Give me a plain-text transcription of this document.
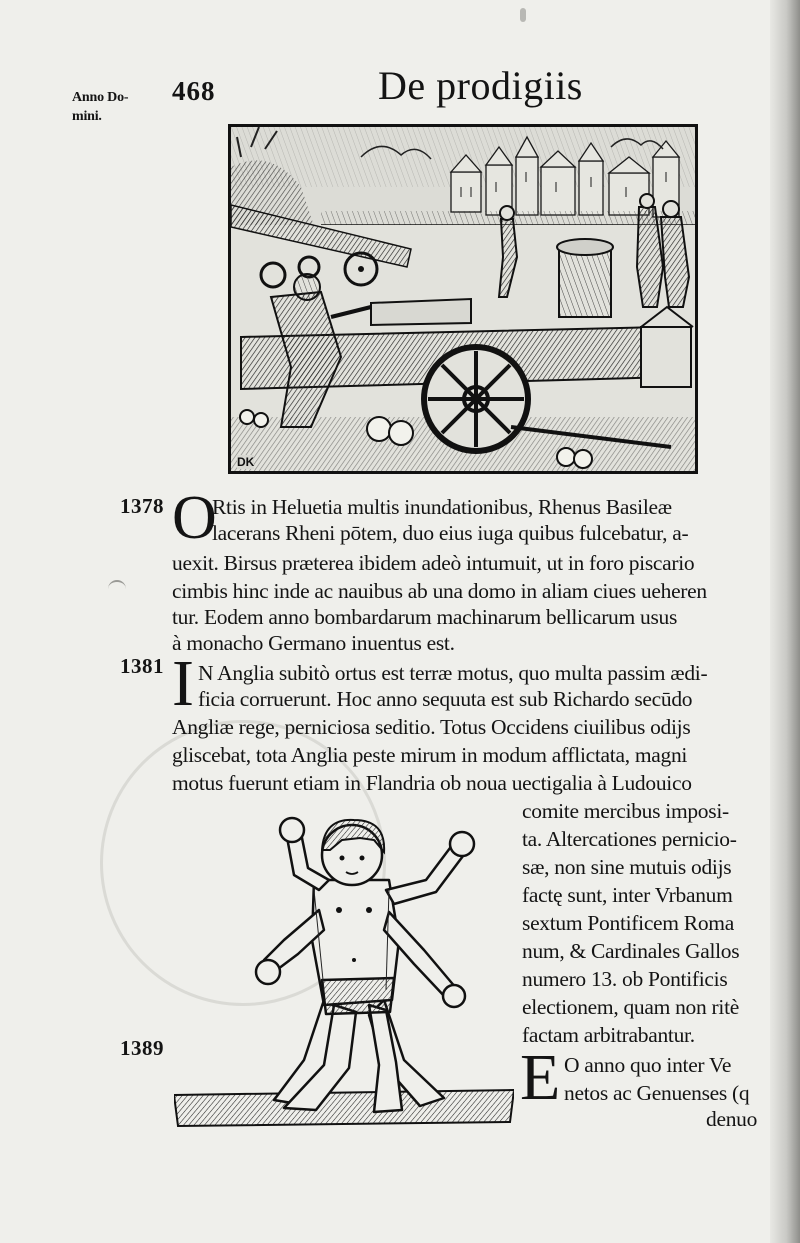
Anno Do-
mini.
468	De prodigiis
DK
1378 O
Rtis in Heluetia multis inundationibus, Rhenus Basileæ
lacerans Rheni pōtem, duo eius iuga quibus fulcebatur, a-
uexit. Birsus præterea ibidem adeò intumuit, ut in foro piscario
cimbis hinc inde ac nauibus ab una domo in aliam ciues ueheren
tur. Eodem anno bombardarum machinarum bellicarum usus
à monacho Germano inuentus est.
1381 I N Anglia subitò ortus est terræ motus, quo multa passim ædi-
ficia corruerunt. Hoc anno sequuta est sub Richardo secūdo
Angliæ rege, perniciosa seditio. Totus Occidens ciuilibus odijs
gliscebat, tota Anglia peste mirum in modum afflictata, magni
motus fuerunt etiam in Flandria ob noua uectigalia à Ludouico
comite mercibus imposi-
ta. Altercationes pernicio-
sæ, non sine mutuis odijs
factę sunt, inter Vrbanum
sextum Pontificem Roma
num, & Cardinales Gallos
numero 13. ob Pontificis
electionem, quam non ritè
factam arbitrabantur.
1389	E O anno quo inter Ve
netos ac Genuenses (q
denuo
